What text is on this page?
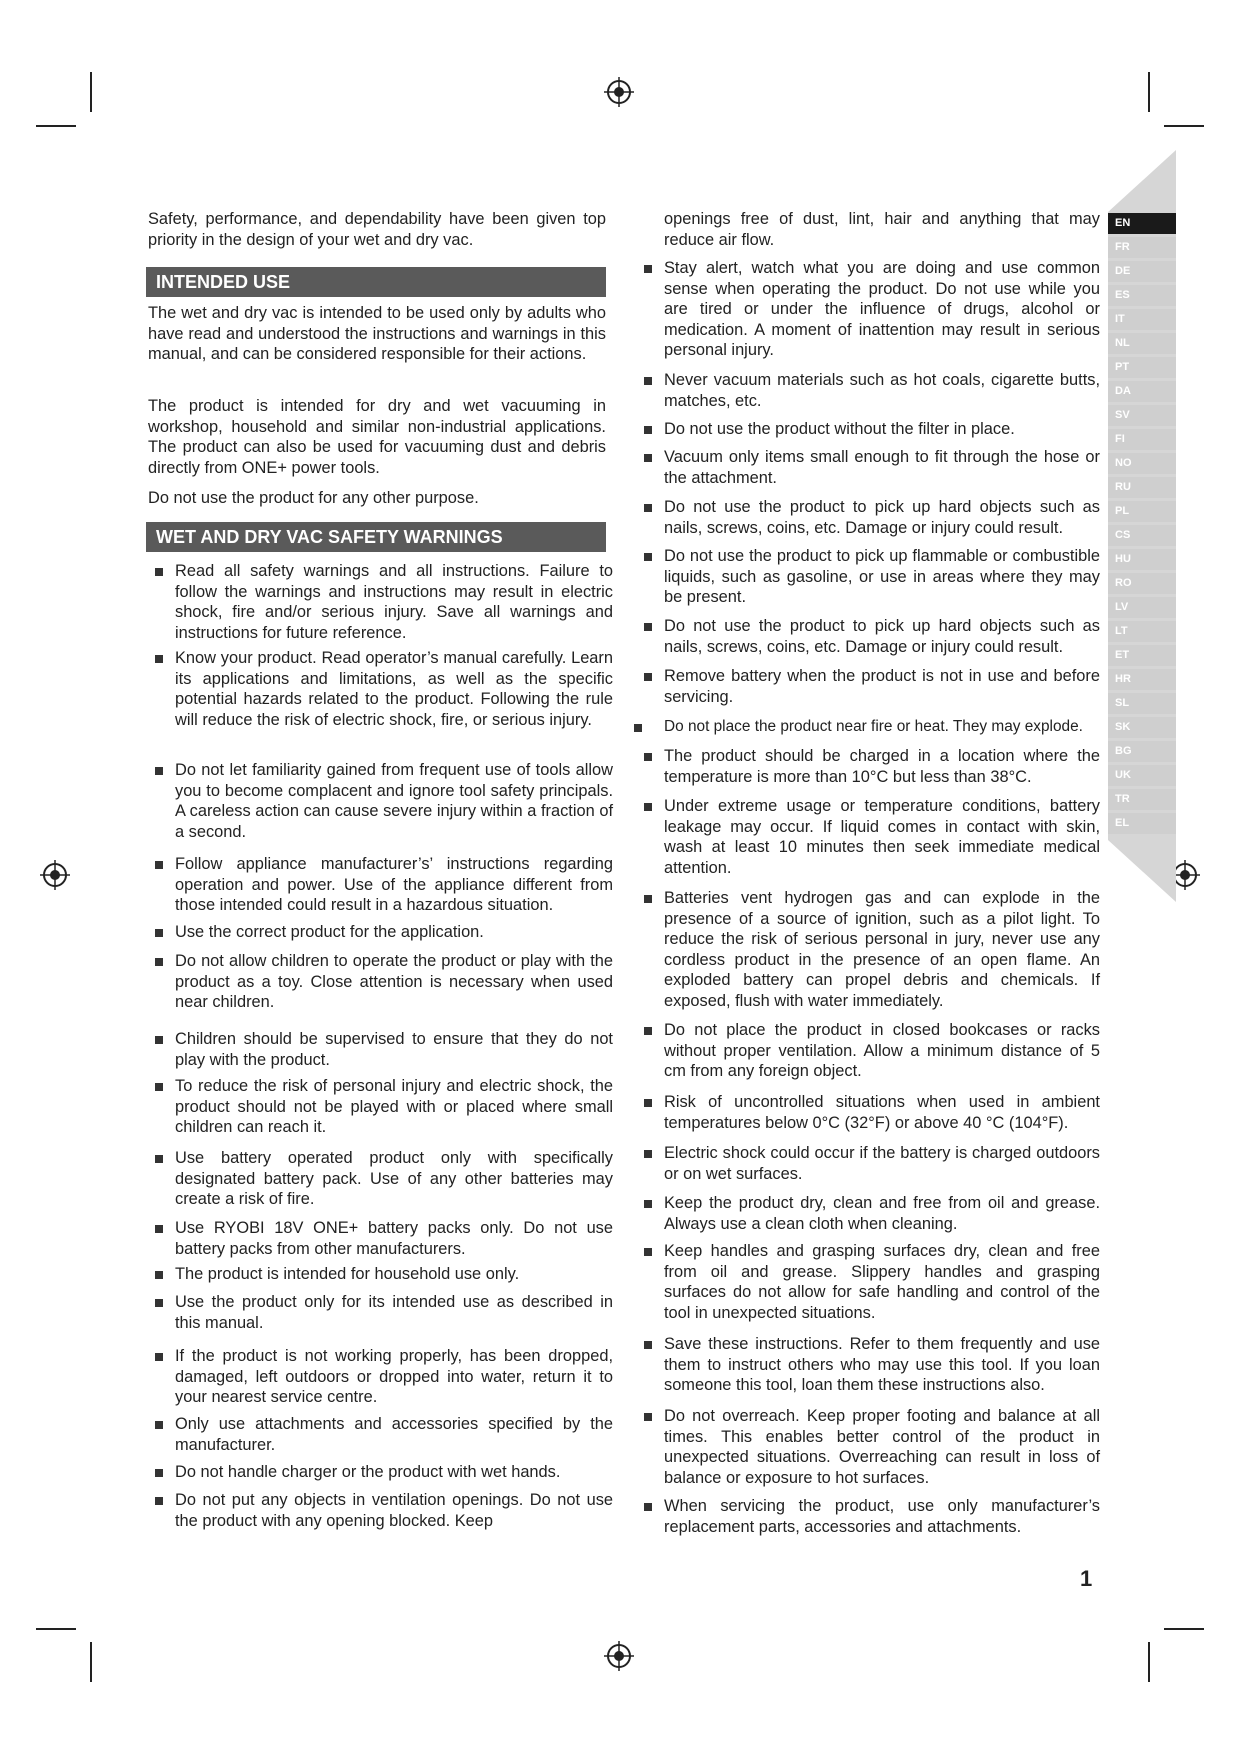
EN
FR
DE
ES
IT
NL
PT
DA
SV
FI
NO
RU
PL
CS
HU
RO
LV
LT
ET
HR
SL
SK
BG
UK
TR
EL

Safety, performance, and dependability have been given top priority in the design of your wet and dry vac.

INTENDED USE

The wet and dry vac is intended to be used only by adults who have read and understood the instructions and warnings in this manual, and can be considered responsible for their actions.

The product is intended for dry and wet vacuuming in workshop, household and similar non-industrial applications. The product can also be used for vacuuming dust and debris directly from ONE+ power tools.

Do not use the product for any other purpose.

WET AND DRY VAC SAFETY WARNINGS
Read all safety warnings and all instructions. Failure to follow the warnings and instructions may result in electric shock, fire and/or serious injury. Save all warnings and instructions for future reference.
Know your product. Read operator’s manual carefully. Learn its applications and limitations, as well as the specific potential hazards related to the product. Following the rule will reduce the risk of electric shock, fire, or serious injury.
Do not let familiarity gained from frequent use of tools allow you to become complacent and ignore tool safety principals. A careless action can cause severe injury within a fraction of a second.
Follow appliance manufacturer’s’ instructions regarding operation and power. Use of the appliance different from those intended could result in a hazardous situation.
Use the correct product for the application.
Do not allow children to operate the product or play with the product as a toy. Close attention is necessary when used near children.
Children should be supervised to ensure that they do not play with the product.
To reduce the risk of personal injury and electric shock, the product should not be played with or placed where small children can reach it.
Use battery operated product only with specifically designated battery pack. Use of any other batteries may create a risk of fire.
Use RYOBI 18V ONE+ battery packs only. Do not use battery packs from other manufacturers.
The product is intended for household use only.
Use the product only for its intended use as described in this manual.
If the product is not working properly, has been dropped, damaged, left outdoors or dropped into water, return it to your nearest service centre.
Only use attachments and accessories specified by the manufacturer.
Do not handle charger or the product with wet hands.
Do not put any objects in ventilation openings. Do not use the product with any opening blocked. Keep

openings free of dust, lint, hair and anything that may reduce air flow.

Stay alert, watch what you are doing and use common sense when operating the product. Do not use while you are tired or under the influence of drugs, alcohol or medication. A moment of inattention may result in serious personal injury.
Never vacuum materials such as hot coals, cigarette butts, matches, etc.
Do not use the product without the filter in place.
Vacuum only items small enough to fit through the hose or the attachment.
Do not use the product to pick up hard objects such as nails, screws, coins, etc. Damage or injury could result.
Do not use the product to pick up flammable or combustible liquids, such as gasoline, or use in areas where they may be present.
Do not use the product to pick up hard objects such as nails, screws, coins, etc. Damage or injury could result.
Remove battery when the product is not in use and before servicing.
Do not place the product near fire or heat. They may explode.
The product should be charged in a location where the temperature is more than 10°C but less than 38°C.
Under extreme usage or temperature conditions, battery leakage may occur. If liquid comes in contact with skin, wash at least 10 minutes then seek immediate medical attention.
Batteries vent hydrogen gas and can explode in the presence of a source of ignition, such as a pilot light. To reduce the risk of serious personal in jury, never use any cordless product in the presence of an open flame. An exploded battery can propel debris and chemicals. If exposed, flush with water immediately.
Do not place the product in closed bookcases or racks without proper ventilation. Allow a minimum distance of 5 cm from any foreign object.
Risk of uncontrolled situations when used in ambient temperatures below 0°C (32°F) or above 40 °C (104°F).
Electric shock could occur if the battery is charged outdoors or on wet surfaces.
Keep the product dry, clean and free from oil and grease. Always use a clean cloth when cleaning.
Keep handles and grasping surfaces dry, clean and free from oil and grease. Slippery handles and grasping surfaces do not allow for safe handling and control of the tool in unexpected situations.
Save these instructions. Refer to them frequently and use them to instruct others who may use this tool. If you loan someone this tool, loan them these instructions also.
Do not overreach. Keep proper footing and balance at all times. This enables better control of the product in unexpected situations. Overreaching can result in loss of balance or exposure to hot surfaces.
When servicing the product, use only manufacturer’s replacement parts, accessories and attachments.
1
